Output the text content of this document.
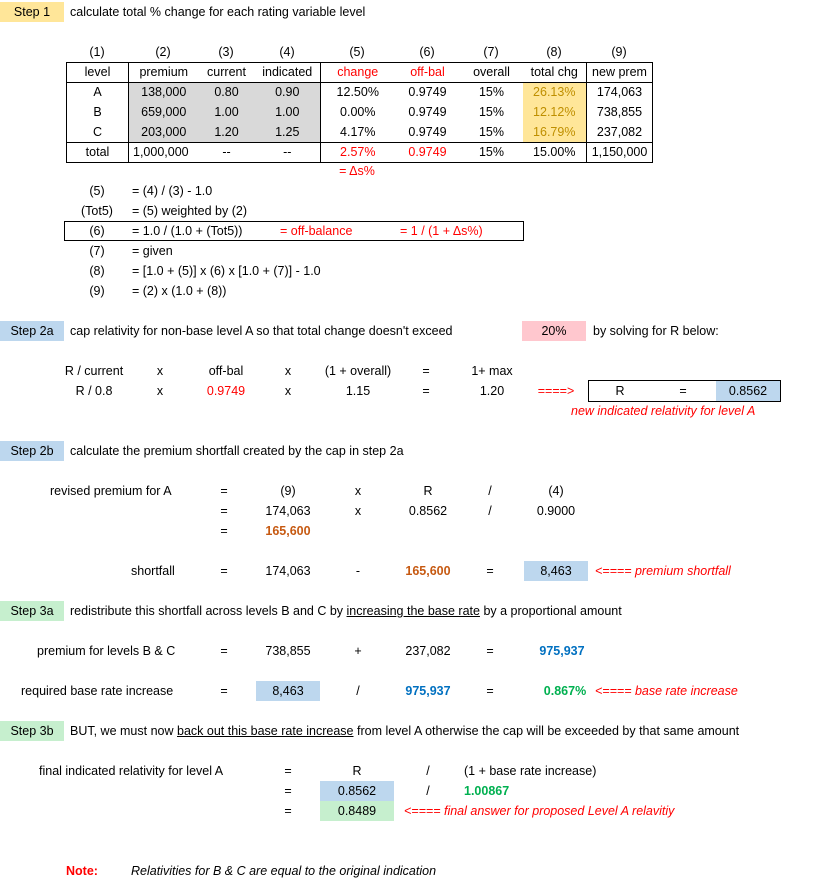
Step 1	calculate total % change for each rating variable level
(1)	(2)	(3)	(4)	(5)	(6)	(7)	(8)	(9)
level	premium	current	indicated	change	off-bal	overall	total chg	new prem
A	138,000	0.80	0.90	12.50%	0.9749	15%	26.13%	174,063
B	659,000	1.00	1.00	0.00%	0.9749	15%	12.12%	738,855
C	203,000	1.20	1.25	4.17%	0.9749	15%	16.79%	237,082
total	1,000,000	--	--	2.57%	0.9749	15%	15.00%	1,150,000
= Δs%
(5)	= (4) / (3) - 1.0
(Tot5)	= (5) weighted by (2)
(6)	= 1.0 / (1.0 + (Tot5))	= off-balance	= 1 / (1 + Δs%)
(7)	= given
(8)	= [1.0 + (5)] x (6) x [1.0 + (7)] - 1.0
(9)	= (2) x (1.0 + (8))
Step 2a	cap relativity for non-base level A so that total change doesn't exceed	20%	by solving for R below:
R / current	x	off-bal	x	(1 + overall)	=	1+ max
R / 0.8	x	0.9749	x	1.15	=	1.20	====>	R	=	0.8562
new indicated relativity for level A
Step 2b	calculate the premium shortfall created by the cap in step 2a
revised premium for A	=	(9)	x	R	/	(4)
=	174,063	x	0.8562	/	0.9000
=	165,600
shortfall	=	174,063	-	165,600	=	8,463	<==== premium shortfall
Step 3a	redistribute this shortfall across levels B and C by increasing the base rate by a proportional amount
premium for levels B & C	=	738,855	+	237,082	=	975,937
required base rate increase	=	8,463	/	975,937	=	0.867% <==== base rate increase
Step 3b	BUT, we must now back out this base rate increase from level A otherwise the cap will be exceeded by that same amount
final indicated relativity for level A	=	R	/	(1 + base rate increase)
=	0.8562	/	1.00867
=	0.8489	<==== final answer for proposed Level A relavitiy
Note:	Relativities for B & C are equal to the original indication
